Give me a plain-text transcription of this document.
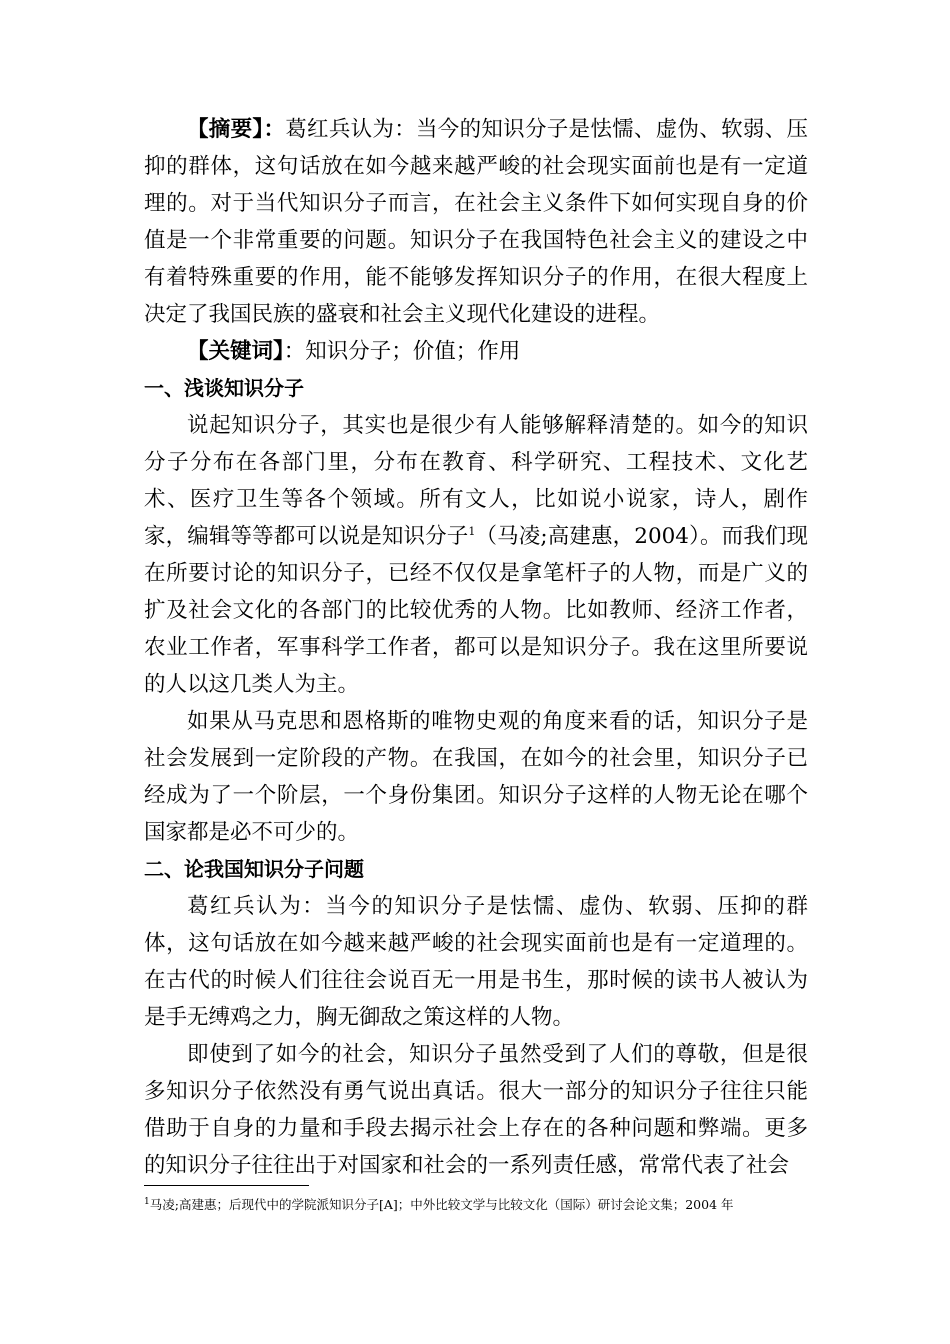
【摘要】：葛红兵认为：当今的知识分子是怯懦、虚伪、软弱、压抑的群体，这句话放在如今越来越严峻的社会现实面前也是有一定道理的。对于当代知识分子而言，在社会主义条件下如何实现自身的价值是一个非常重要的问题。知识分子在我国特色社会主义的建设之中有着特殊重要的作用，能不能够发挥知识分子的作用，在很大程度上决定了我国民族的盛衰和社会主义现代化建设的进程。

【关键词】：知识分子；价值；作用

一、浅谈知识分子

说起知识分子，其实也是很少有人能够解释清楚的。如今的知识分子分布在各部门里，分布在教育、科学研究、工程技术、文化艺术、医疗卫生等各个领域。所有文人，比如说小说家，诗人，剧作家，编辑等等都可以说是知识分子$^1$（马凌;高建惠，2004）。而我们现在所要讨论的知识分子，已经不仅仅是拿笔杆子的人物，而是广义的扩及社会文化的各部门的比较优秀的人物。比如教师、经济工作者，农业工作者，军事科学工作者，都可以是知识分子。我在这里所要说的人以这几类人为主。

如果从马克思和恩格斯的唯物史观的角度来看的话，知识分子是社会发展到一定阶段的产物。在我国，在如今的社会里，知识分子已经成为了一个阶层，一个身份集团。知识分子这样的人物无论在哪个国家都是必不可少的。

二、论我国知识分子问题

葛红兵认为：当今的知识分子是怯懦、虚伪、软弱、压抑的群体，这句话放在如今越来越严峻的社会现实面前也是有一定道理的。在古代的时候人们往往会说百无一用是书生，那时候的读书人被认为是手无缚鸡之力，胸无御敌之策这样的人物。

即使到了如今的社会，知识分子虽然受到了人们的尊敬，但是很多知识分子依然没有勇气说出真话。很大一部分的知识分子往往只能借助于自身的力量和手段去揭示社会上存在的各种问题和弊端。更多的知识分子往往出于对国家和社会的一系列责任感，常常代表了社会

$^1$马凌;高建惠；后现代中的学院派知识分子[A]；中外比较文学与比较文化（国际）研讨会论文集；2004 年
